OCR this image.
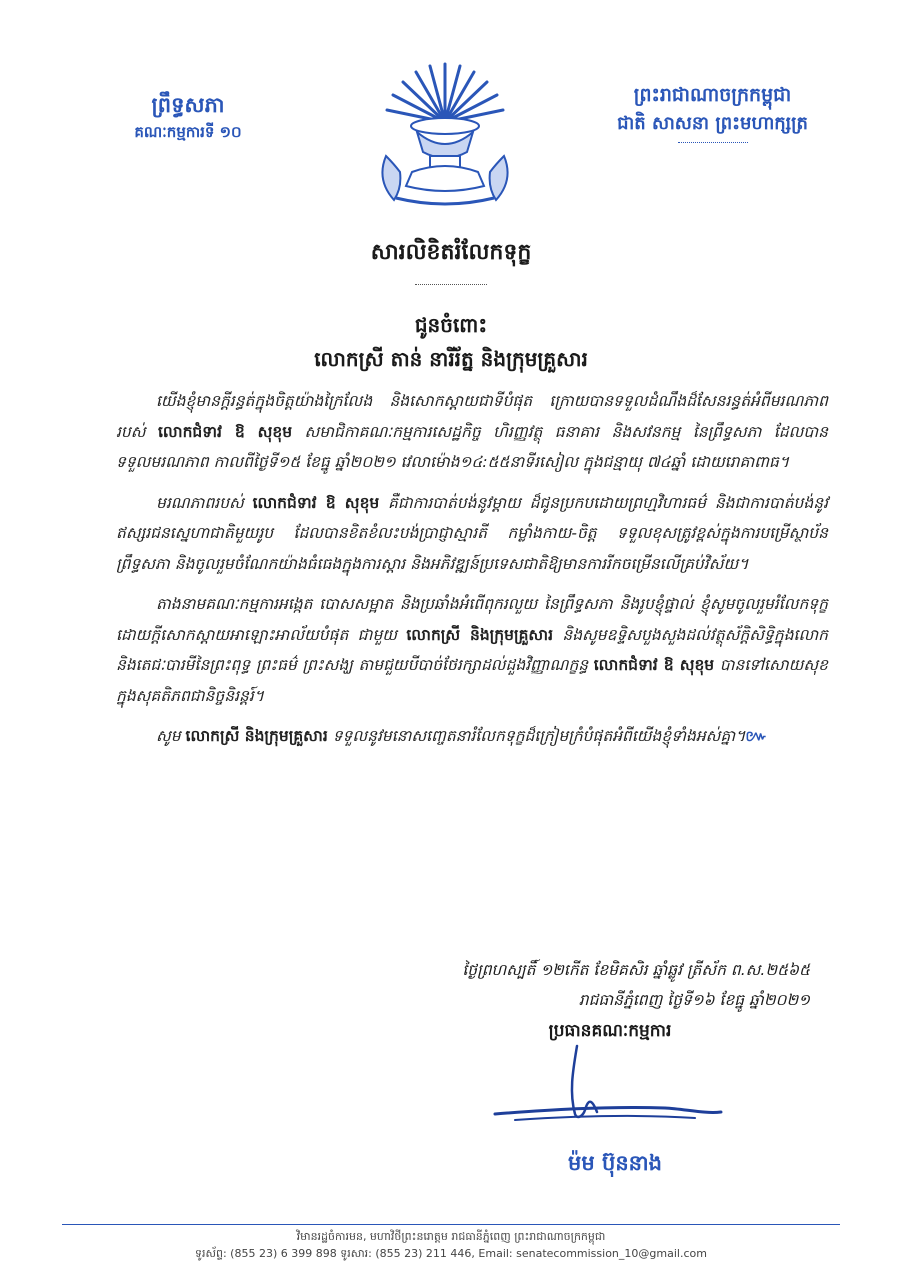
ព្រឹទ្ធសភា
គណៈកម្មការទី ១០
ព្រះរាជាណាចក្រកម្ពុជា
ជាតិ សាសនា ព្រះមហាក្សត្រ
សារលិខិតរំលែកទុក្ខ
ជូនចំពោះ
លោកស្រី តាន់ នារីរ័ត្ន និងក្រុមគ្រួសារ

យើងខ្ញុំមានក្តីរន្ធត់ក្នុងចិត្តយ៉ាងក្រៃលែង និងសោកស្តាយជាទីបំផុត ក្រោយបានទទួលដំណឹងដ៏សែនរន្ធត់អំពីមរណភាពរបស់ លោកជំទាវ ឱ សុខុម សមាជិកាគណៈកម្មការសេដ្ឋកិច្ច ហិរញ្ញវត្ថុ ធនាគារ និងសវនកម្ម នៃព្រឹទ្ធសភា ដែលបានទទួលមរណភាព កាលពីថ្ងៃទី១៥ ខែធ្នូ ឆ្នាំ២០២១ វេលាម៉ោង១៤:៥៥នាទីរសៀល ក្នុងជន្មាយុ ៧៤ឆ្នាំ ដោយរោគាពាធ។

មរណភាពរបស់ លោកជំទាវ ឱ សុខុម គឺជាការបាត់បង់នូវម្តាយ ដ៏ជូនប្រកបដោយព្រហ្មវិហារធម៌ និងជាការបាត់បង់នូវឥស្សរជនស្នេហាជាតិមួយរូប ដែលបានខិតខំលះបង់ប្រាជ្ញាស្មារតី កម្លាំងកាយ-ចិត្ត ទទួលខុសត្រូវខ្ពស់ក្នុងការបម្រើស្ថាប័នព្រឹទ្ធសភា និងចូលរួមចំណែកយ៉ាងធំធេងក្នុងការស្តារ និងអភិវឌ្ឍន៍ប្រទេសជាតិឱ្យមានការរីកចម្រើនលើគ្រប់វិស័យ។

តាងនាមគណៈកម្មការអង្កេត បោសសម្អាត និងប្រឆាំងអំពើពុករលួយ នៃព្រឹទ្ធសភា និងរូបខ្ញុំផ្ទាល់ ខ្ញុំសូមចូលរួមរំលែកទុក្ខដោយក្តីសោកស្តាយអាឡោះអាល័យបំផុត ជាមួយ លោកស្រី និងក្រុមគ្រួសារ និងសូមឧទ្ទិសបួងសួងដល់វត្ថុស័ក្តិសិទ្ធិក្នុងលោក និងតេជៈបារមីនៃព្រះពុទ្ធ ព្រះធម៌ ព្រះសង្ឃ តាមជួយបីបាច់ថែរក្សាដល់ដួងវិញ្ញាណក្ខន្ធ លោកជំទាវ ឱ សុខុម បានទៅសោយសុខក្នុងសុគតិភពជានិច្ចនិរន្តរ៍។

សូម លោកស្រី និងក្រុមគ្រួសារ ទទួលនូវមនោសញ្ចេតនារំលែកទុក្ខដ៏ក្រៀមក្រំបំផុតអំពីយើងខ្ញុំទាំងអស់គ្នា។៚

ថ្ងៃព្រហស្បតិ៍ ១២កើត ខែមិគសិរ ឆ្នាំឆ្លូវ ត្រីស័ក ព.ស.២៥៦៥
រាជធានីភ្នំពេញ ថ្ងៃទី១៦ ខែធ្នូ ឆ្នាំ២០២១
ប្រធានគណៈកម្មការ
ម៉ម ប៊ុននាង
វិមានរដ្ឋចំការមន, មហាវិថីព្រះនរោត្តម រាជធានីភ្នំពេញ ព្រះរាជាណាចក្រកម្ពុជា
ទូរស័ព្ទ: (855 23) 6 399 898 ទូរសារ: (855 23) 211 446, Email: senatecommission_10@gmail.com
